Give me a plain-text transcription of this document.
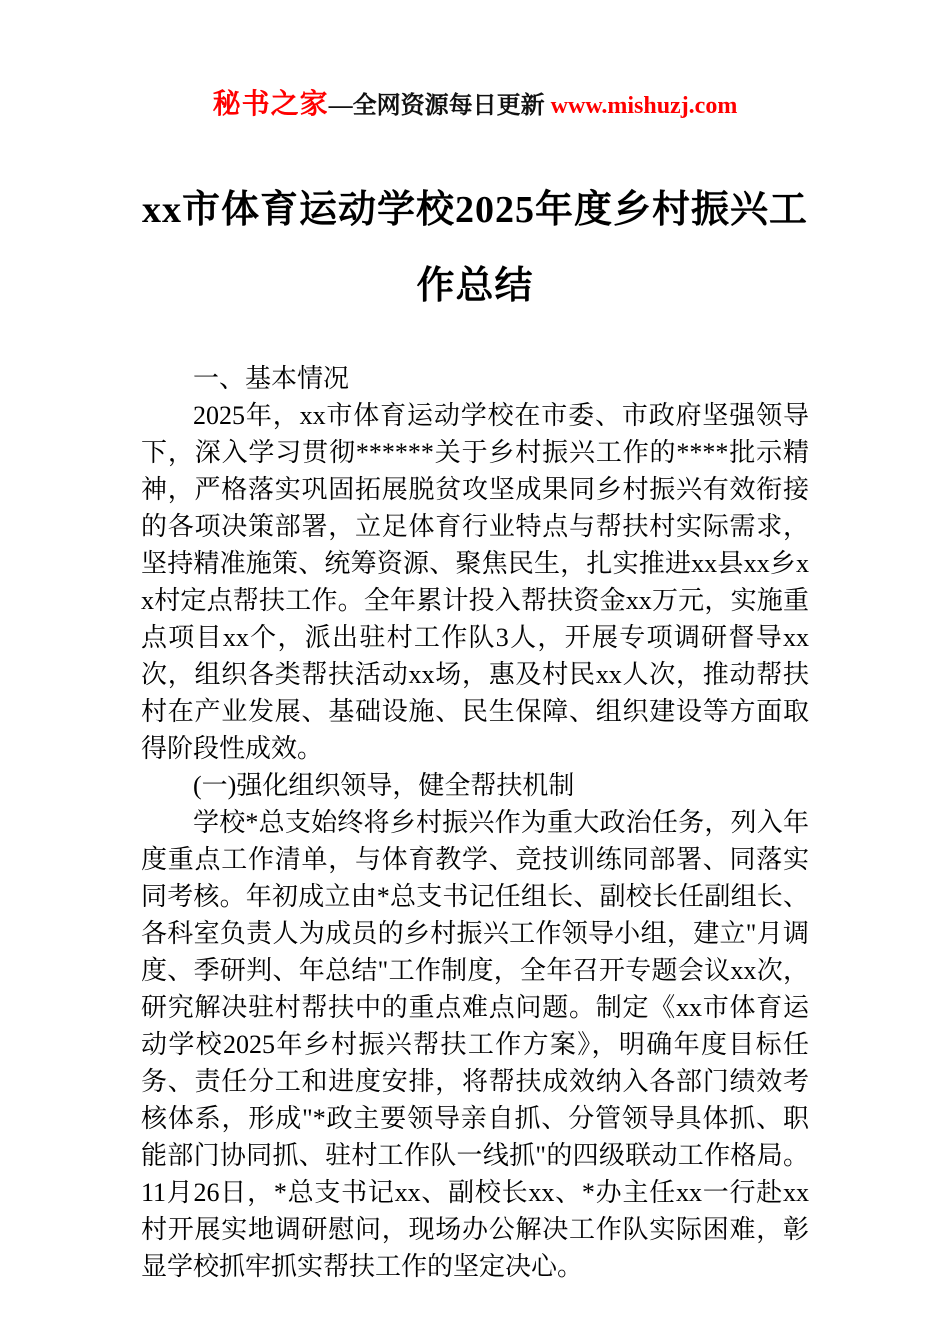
秘书之家—全网资源每日更新 www.mishuzj.com
xx市体育运动学校2025年度乡村振兴工作总结

一、基本情况

2025年，xx市体育运动学校在市委、市政府坚强领导下，深入学习贯彻******关于乡村振兴工作的****批示精神，严格落实巩固拓展脱贫攻坚成果同乡村振兴有效衔接的各项决策部署，立足体育行业特点与帮扶村实际需求，坚持精准施策、统筹资源、聚焦民生，扎实推进xx县xx乡xx村定点帮扶工作。全年累计投入帮扶资金xx万元，实施重点项目xx个，派出驻村工作队3人，开展专项调研督导xx次，组织各类帮扶活动xx场，惠及村民xx人次，推动帮扶村在产业发展、基础设施、民生保障、组织建设等方面取得阶段性成效。

(一)强化组织领导，健全帮扶机制

学校*总支始终将乡村振兴作为重大政治任务，列入年度重点工作清单，与体育教学、竞技训练同部署、同落实同考核。年初成立由*总支书记任组长、副校长任副组长、各科室负责人为成员的乡村振兴工作领导小组，建立"月调度、季研判、年总结"工作制度，全年召开专题会议xx次，研究解决驻村帮扶中的重点难点问题。制定《xx市体育运动学校2025年乡村振兴帮扶工作方案》，明确年度目标任务、责任分工和进度安排，将帮扶成效纳入各部门绩效考核体系，形成"*政主要领导亲自抓、分管领导具体抓、职能部门协同抓、驻村工作队一线抓"的四级联动工作格局。11月26日，*总支书记xx、副校长xx、*办主任xx一行赴xx村开展实地调研慰问，现场办公解决工作队实际困难，彰显学校抓牢抓实帮扶工作的坚定决心。
